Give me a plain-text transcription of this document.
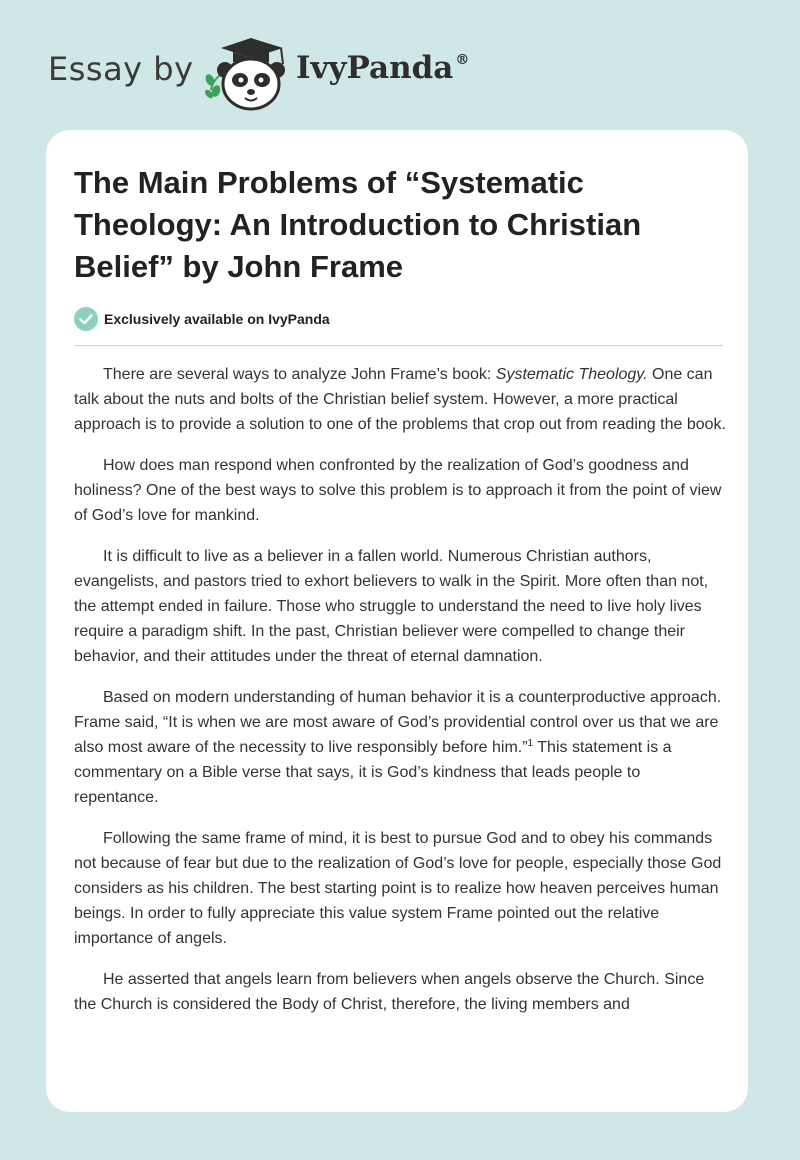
Essay by	IvyPanda ®
The Main Problems of “Systematic Theology: An Introduction to Christian Belief” by John Frame
Exclusively available on IvyPanda

There are several ways to analyze John Frame’s book: Systematic Theology. One can talk about the nuts and bolts of the Christian belief system. However, a more practical approach is to provide a solution to one of the problems that crop out from reading the book.

How does man respond when confronted by the realization of God’s goodness and holiness? One of the best ways to solve this problem is to approach it from the point of view of God’s love for mankind.

It is difficult to live as a believer in a fallen world. Numerous Christian authors, evangelists, and pastors tried to exhort believers to walk in the Spirit. More often than not, the attempt ended in failure. Those who struggle to understand the need to live holy lives require a paradigm shift. In the past, Christian believer were compelled to change their behavior, and their attitudes under the threat of eternal damnation.

Based on modern understanding of human behavior it is a counterproductive approach. Frame said, “It is when we are most aware of God’s providential control over us that we are also most aware of the necessity to live responsibly before him.”$^1$ This statement is a commentary on a Bible verse that says, it is God’s kindness that leads people to repentance.

Following the same frame of mind, it is best to pursue God and to obey his commands not because of fear but due to the realization of God’s love for people, especially those God considers as his children. The best starting point is to realize how heaven perceives human beings. In order to fully appreciate this value system Frame pointed out the relative importance of angels.

He asserted that angels learn from believers when angels observe the Church. Since the Church is considered the Body of Christ, therefore, the living members and
